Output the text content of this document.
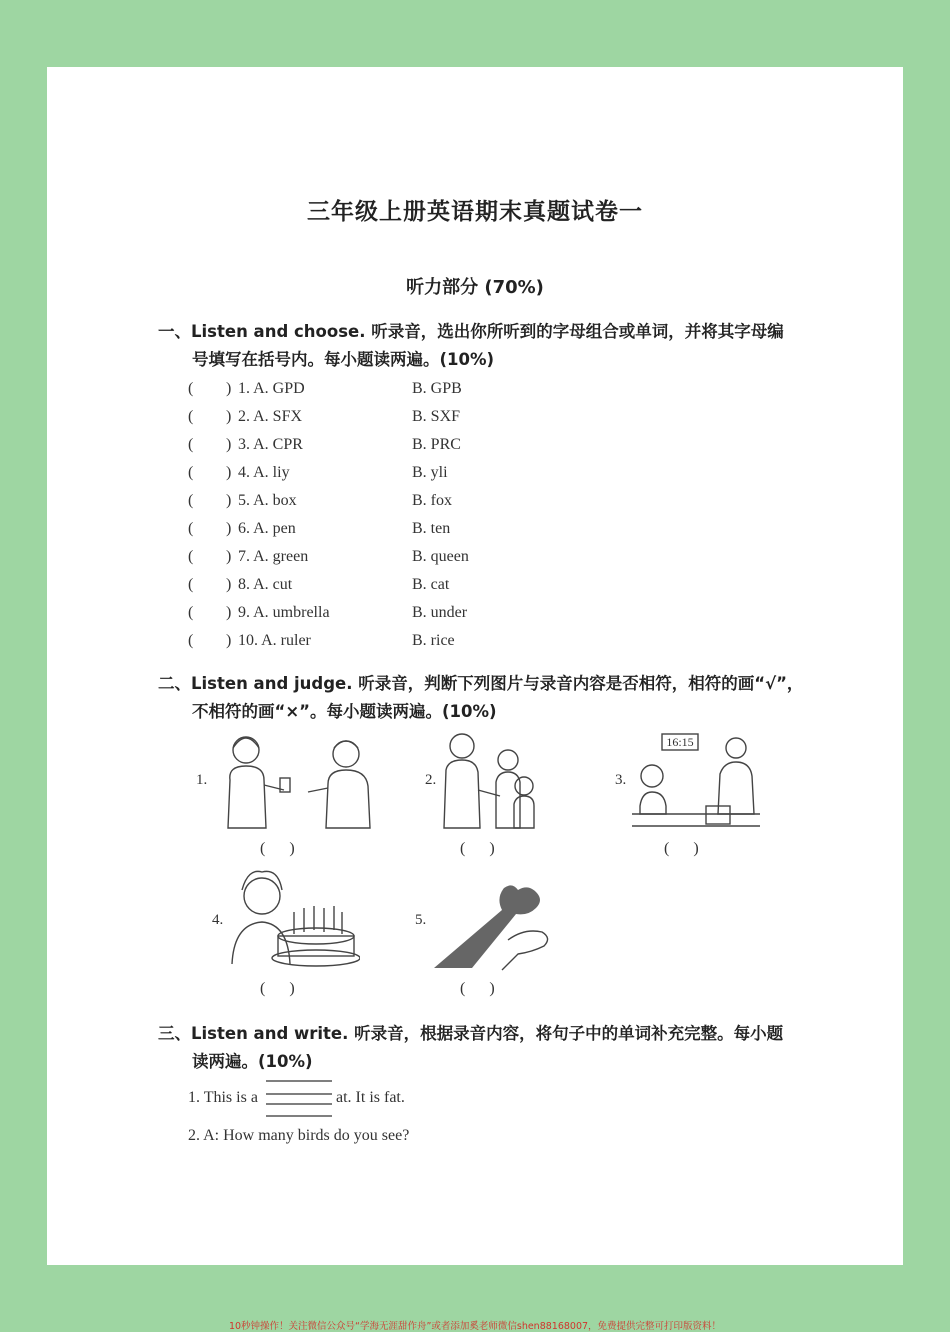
三年级上册英语期末真题试卷一
听力部分 (70%)
一、Listen and choose. 听录音，选出你所听到的字母组合或单词，并将其字母编
号填写在括号内。每小题读两遍。(10%)
( ) 1. A. GPD	B. GPB
( ) 2. A. SFX	B. SXF
( ) 3. A. CPR	B. PRC
( ) 4. A. liy	B. yli
( ) 5. A. box	B. fox
( ) 6. A. pen	B. ten
( ) 7. A. green	B. queen
( ) 8. A. cut	B. cat
( ) 9. A. umbrella	B. under
( ) 10. A. ruler	B. rice
二、Listen and judge. 听录音，判断下列图片与录音内容是否相符，相符的画“√”，
不相符的画“×”。每小题读两遍。(10%)
1.
(      )
2.
(      )
3.
16:15
(      )
4.
(      )
5.
(      )
三、Listen and write. 听录音，根据录音内容，将句子中的单词补充完整。每小题
读两遍。(10%)
1. This is a	at. It is fat.
2. A: How many birds do you see?
10秒钟操作！关注微信公众号“学海无涯甜作舟”或者添加奚老师微信shen88168007，免费提供完整可打印版资料！
